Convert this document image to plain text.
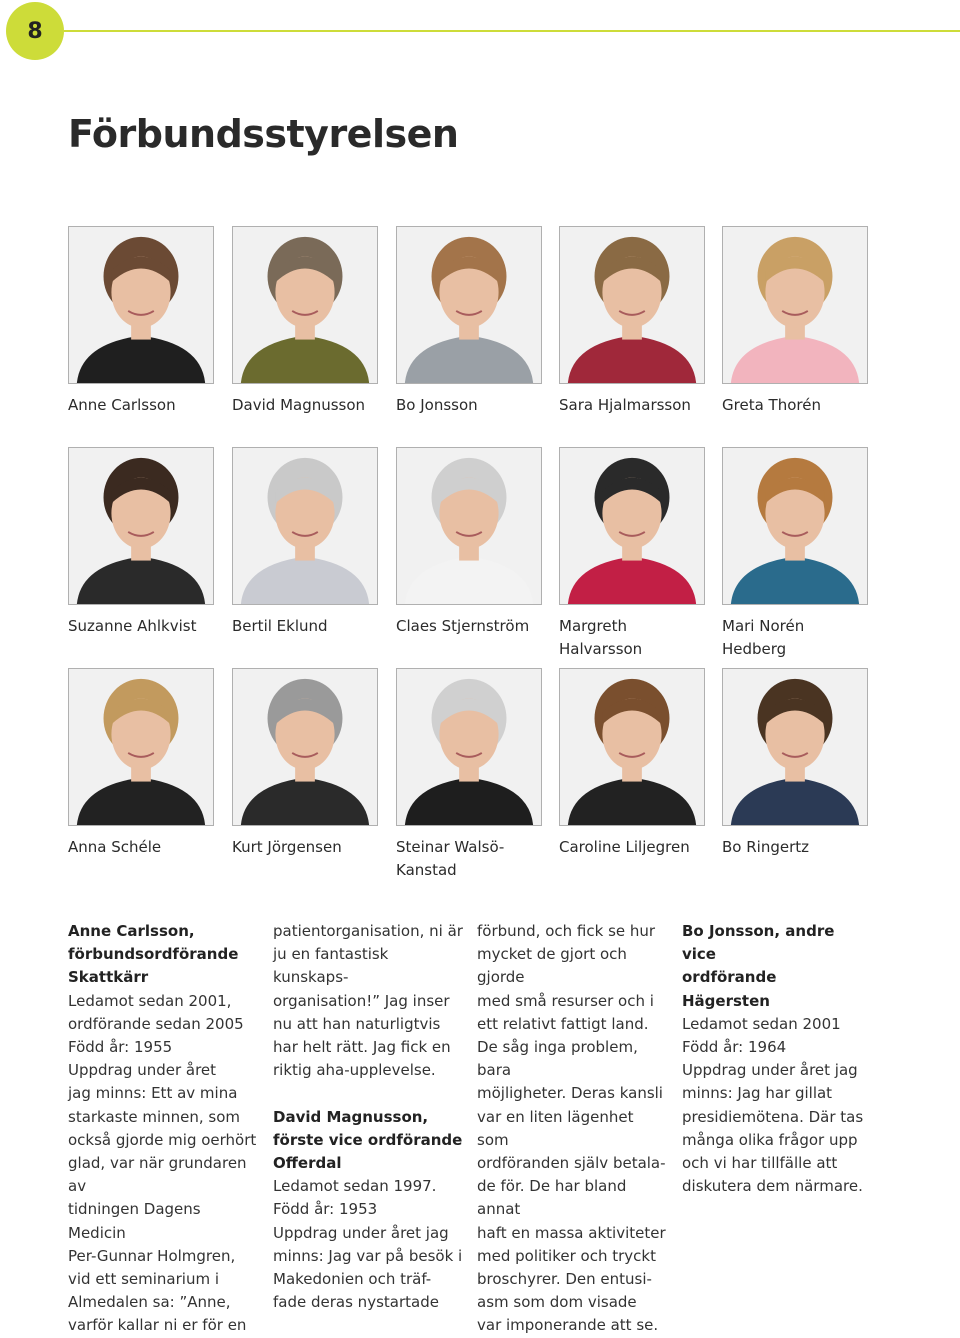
8
Förbundsstyrelsen
Anne Carlsson	David Magnusson	Bo Jonsson	Sara Hjalmarsson	Greta Thorén
Suzanne Ahlkvist	Bertil Eklund	Claes Stjernström	Margreth Halvarsson
Mari Norén Hedberg
Anna Schéle	Kurt Jörgensen	Steinar Walsö-Kanstad
Caroline Liljegren	Bo Ringertz

Anne Carlsson,

förbundsordförande

Skattkärr

Ledamot sedan 2001,

ordförande sedan 2005

Född år: 1955

Uppdrag under året

jag minns: Ett av mina

starkaste minnen, som

också gjorde mig oerhört

glad, var när grundaren av

tidningen Dagens Medicin

Per-Gunnar Holmgren,

vid ett seminarium i

Almedalen sa: ”Anne,

varför kallar ni er för en

patientorganisation, ni är

ju en fantastisk kunskaps-

organisation!” Jag inser

nu att han naturligtvis

har helt rätt. Jag fick en

riktig aha-upplevelse.

David Magnusson,

förste vice ordförande

Offerdal

Ledamot sedan 1997.

Född år: 1953

Uppdrag under året jag

minns: Jag var på besök i

Makedonien och träf-

fade deras nystartade

förbund, och fick se hur

mycket de gjort och gjorde

med små resurser och i

ett relativt fattigt land.

De såg inga problem, bara

möjligheter. Deras kansli

var en liten lägenhet som

ordföranden själv betala-

de för. De har bland annat

haft en massa aktiviteter

med politiker och tryckt

broschyrer. Den entusi-

asm som dom visade

var imponerande att se.

Bo Jonsson, andre vice

ordförande

Hägersten

Ledamot sedan 2001

Född år: 1964

Uppdrag under året jag

minns: Jag har gillat

presidiemötena. Där tas

många olika frågor upp

och vi har tillfälle att

diskutera dem närmare.
